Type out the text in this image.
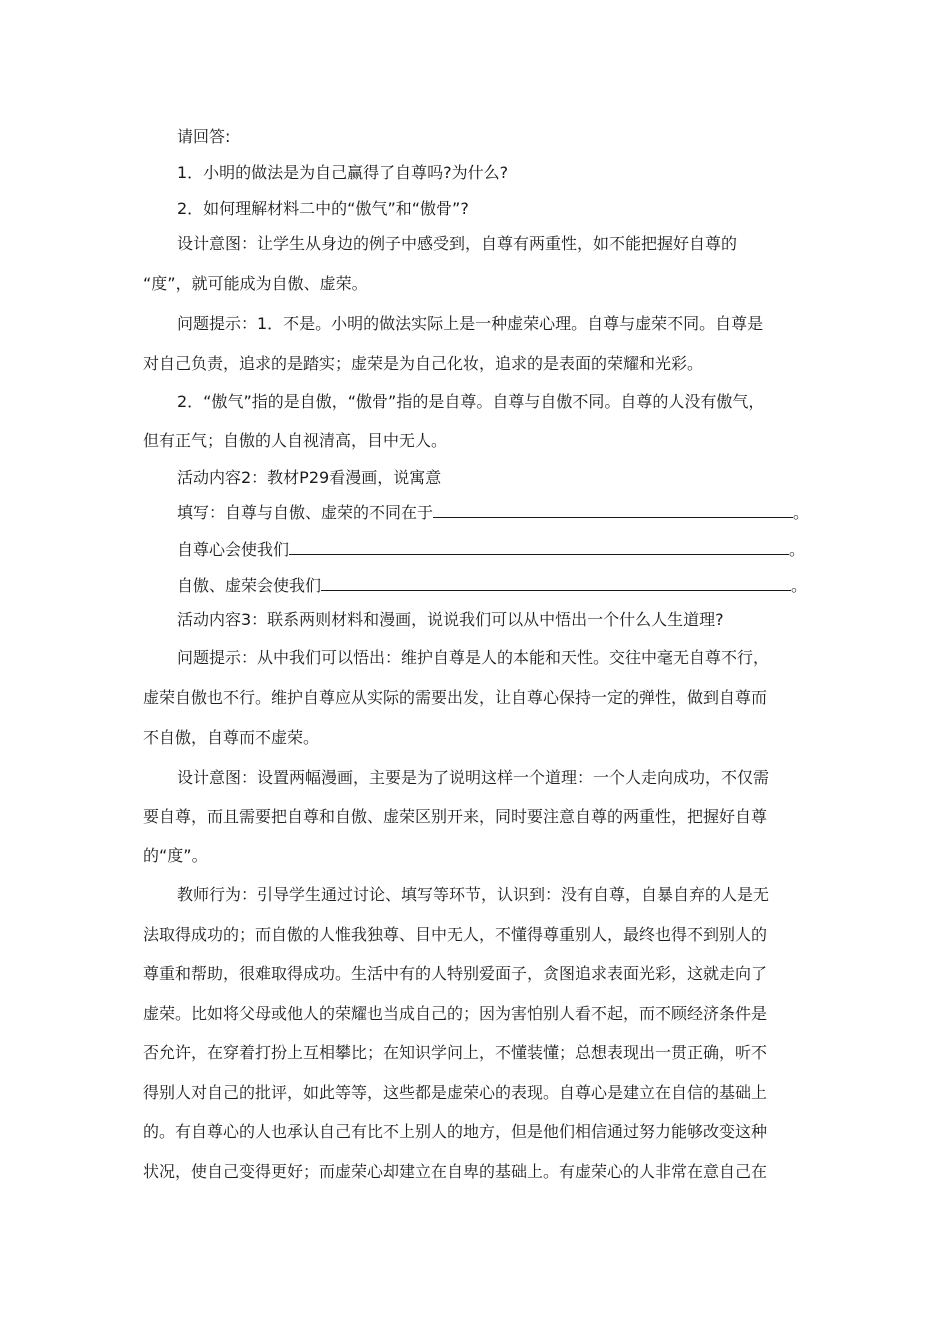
请回答:
1．小明的做法是为自己赢得了自尊吗?为什么?
2．如何理解材料二中的“傲气”和“傲骨”?
设计意图：让学生从身边的例子中感受到，自尊有两重性，如不能把握好自尊的
“度”，就可能成为自傲、虚荣。
问题提示：1．不是。小明的做法实际上是一种虚荣心理。自尊与虚荣不同。自尊是
对自己负责，追求的是踏实；虚荣是为自己化妆，追求的是表面的荣耀和光彩。
2．“傲气”指的是自傲，“傲骨”指的是自尊。自尊与自傲不同。自尊的人没有傲气，
但有正气；自傲的人自视清高，目中无人。
活动内容2：教材P29看漫画，说寓意
填写：自尊与自傲、虚荣的不同在于	。
自尊心会使我们	。
自傲、虚荣会使我们	。
活动内容3：联系两则材料和漫画，说说我们可以从中悟出一个什么人生道理?
问题提示：从中我们可以悟出：维护自尊是人的本能和天性。交往中毫无自尊不行，
虚荣自傲也不行。维护自尊应从实际的需要出发，让自尊心保持一定的弹性，做到自尊而
不自傲，自尊而不虚荣。
设计意图：设置两幅漫画，主要是为了说明这样一个道理：一个人走向成功，不仅需
要自尊，而且需要把自尊和自傲、虚荣区别开来，同时要注意自尊的两重性，把握好自尊
的“度”。
教师行为：引导学生通过讨论、填写等环节，认识到：没有自尊，自暴自弃的人是无
法取得成功的；而自傲的人惟我独尊、目中无人，不懂得尊重别人，最终也得不到别人的
尊重和帮助，很难取得成功。生活中有的人特别爱面子，贪图追求表面光彩，这就走向了
虚荣。比如将父母或他人的荣耀也当成自己的；因为害怕别人看不起，而不顾经济条件是
否允许，在穿着打扮上互相攀比；在知识学问上，不懂装懂；总想表现出一贯正确，听不
得别人对自己的批评，如此等等，这些都是虚荣心的表现。自尊心是建立在自信的基础上
的。有自尊心的人也承认自己有比不上别人的地方，但是他们相信通过努力能够改变这种
状况，使自己变得更好；而虚荣心却建立在自卑的基础上。有虚荣心的人非常在意自己在
